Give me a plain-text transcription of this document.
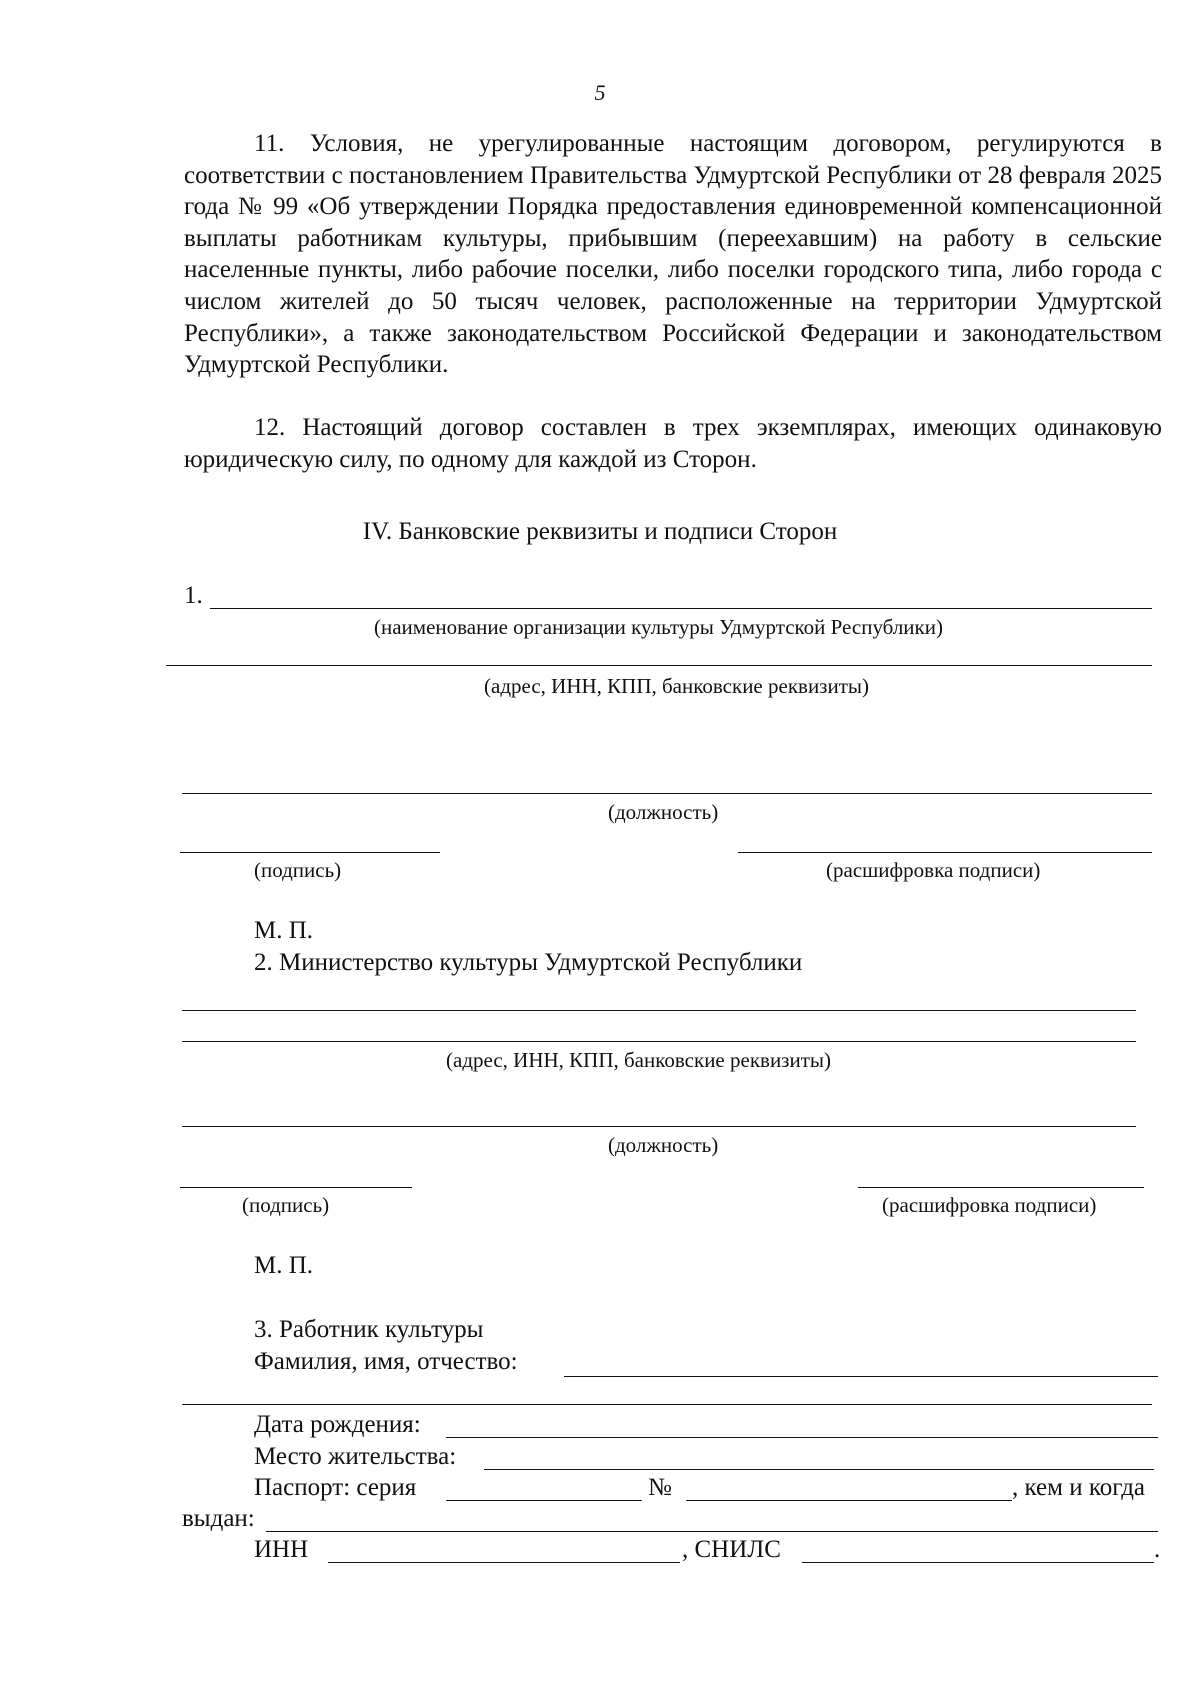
5
11. Условия, не урегулированные настоящим договором, регулируются в соответствии с постановлением Правительства Удмуртской Республики от 28 февраля 2025 года № 99 «Об утверждении Порядка предоставления единовременной компенсационной выплаты работникам культуры, прибывшим (переехавшим) на работу в сельские населенные пункты, либо рабочие поселки, либо поселки городского типа, либо города с числом жителей до 50 тысяч человек, расположенные на территории Удмуртской Республики», а также законодательством Российской Федерации и законодательством Удмуртской Республики.
12. Настоящий договор составлен в трех экземплярах, имеющих одинаковую юридическую силу, по одному для каждой из Сторон.
IV. Банковские реквизиты и подписи Сторон
1.
(наименование организации культуры Удмуртской Республики)
(адрес, ИНН, КПП, банковские реквизиты)
(должность)
(подпись)	(расшифровка подписи)
М. П.
2. Министерство культуры Удмуртской Республики
(адрес, ИНН, КПП, банковские реквизиты)
(должность)
(подпись)	(расшифровка подписи)
М. П.
3. Работник культуры
Фамилия, имя, отчество:
Дата рождения:
Место жительства:
Паспорт: серия	№	, кем и когда
выдан:
ИНН	, СНИЛС	.
